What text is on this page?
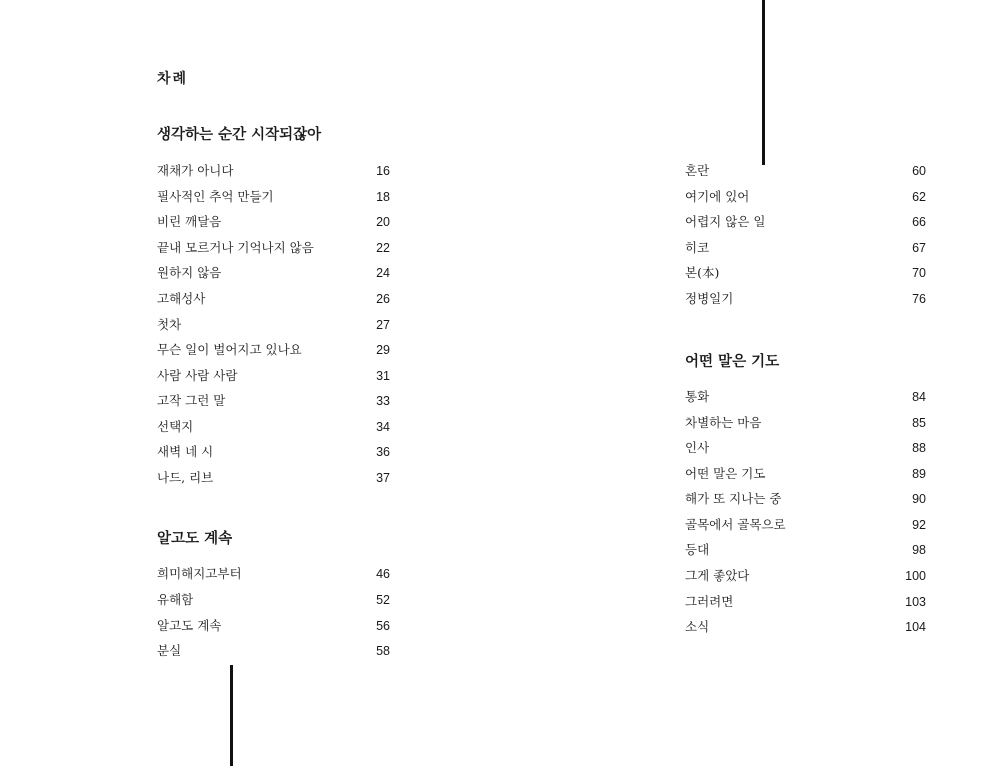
차례
생각하는 순간 시작되잖아
재채가 아니다	16
필사적인 추억 만들기	18
비린 깨달음	20
끝내 모르거나 기억나지 않음	22
원하지 않음	24
고해성사	26
첫차	27
무슨 일이 벌어지고 있나요	29
사람 사람 사람	31
고작 그런 말	33
선택지	34
새벽 네 시	36
나드, 리브	37
알고도 계속
희미해지고부터	46
유해함	52
알고도 계속	56
분실	58
혼란	60
여기에 있어	62
어렵지 않은 일	66
히코	67
본(本)	70
정병일기	76
어떤 말은 기도
통화	84
차별하는 마음	85
인사	88
어떤 말은 기도	89
해가 또 지나는 중	90
골목에서 골목으로	92
등대	98
그게 좋았다	100
그러려면	103
소식	104
